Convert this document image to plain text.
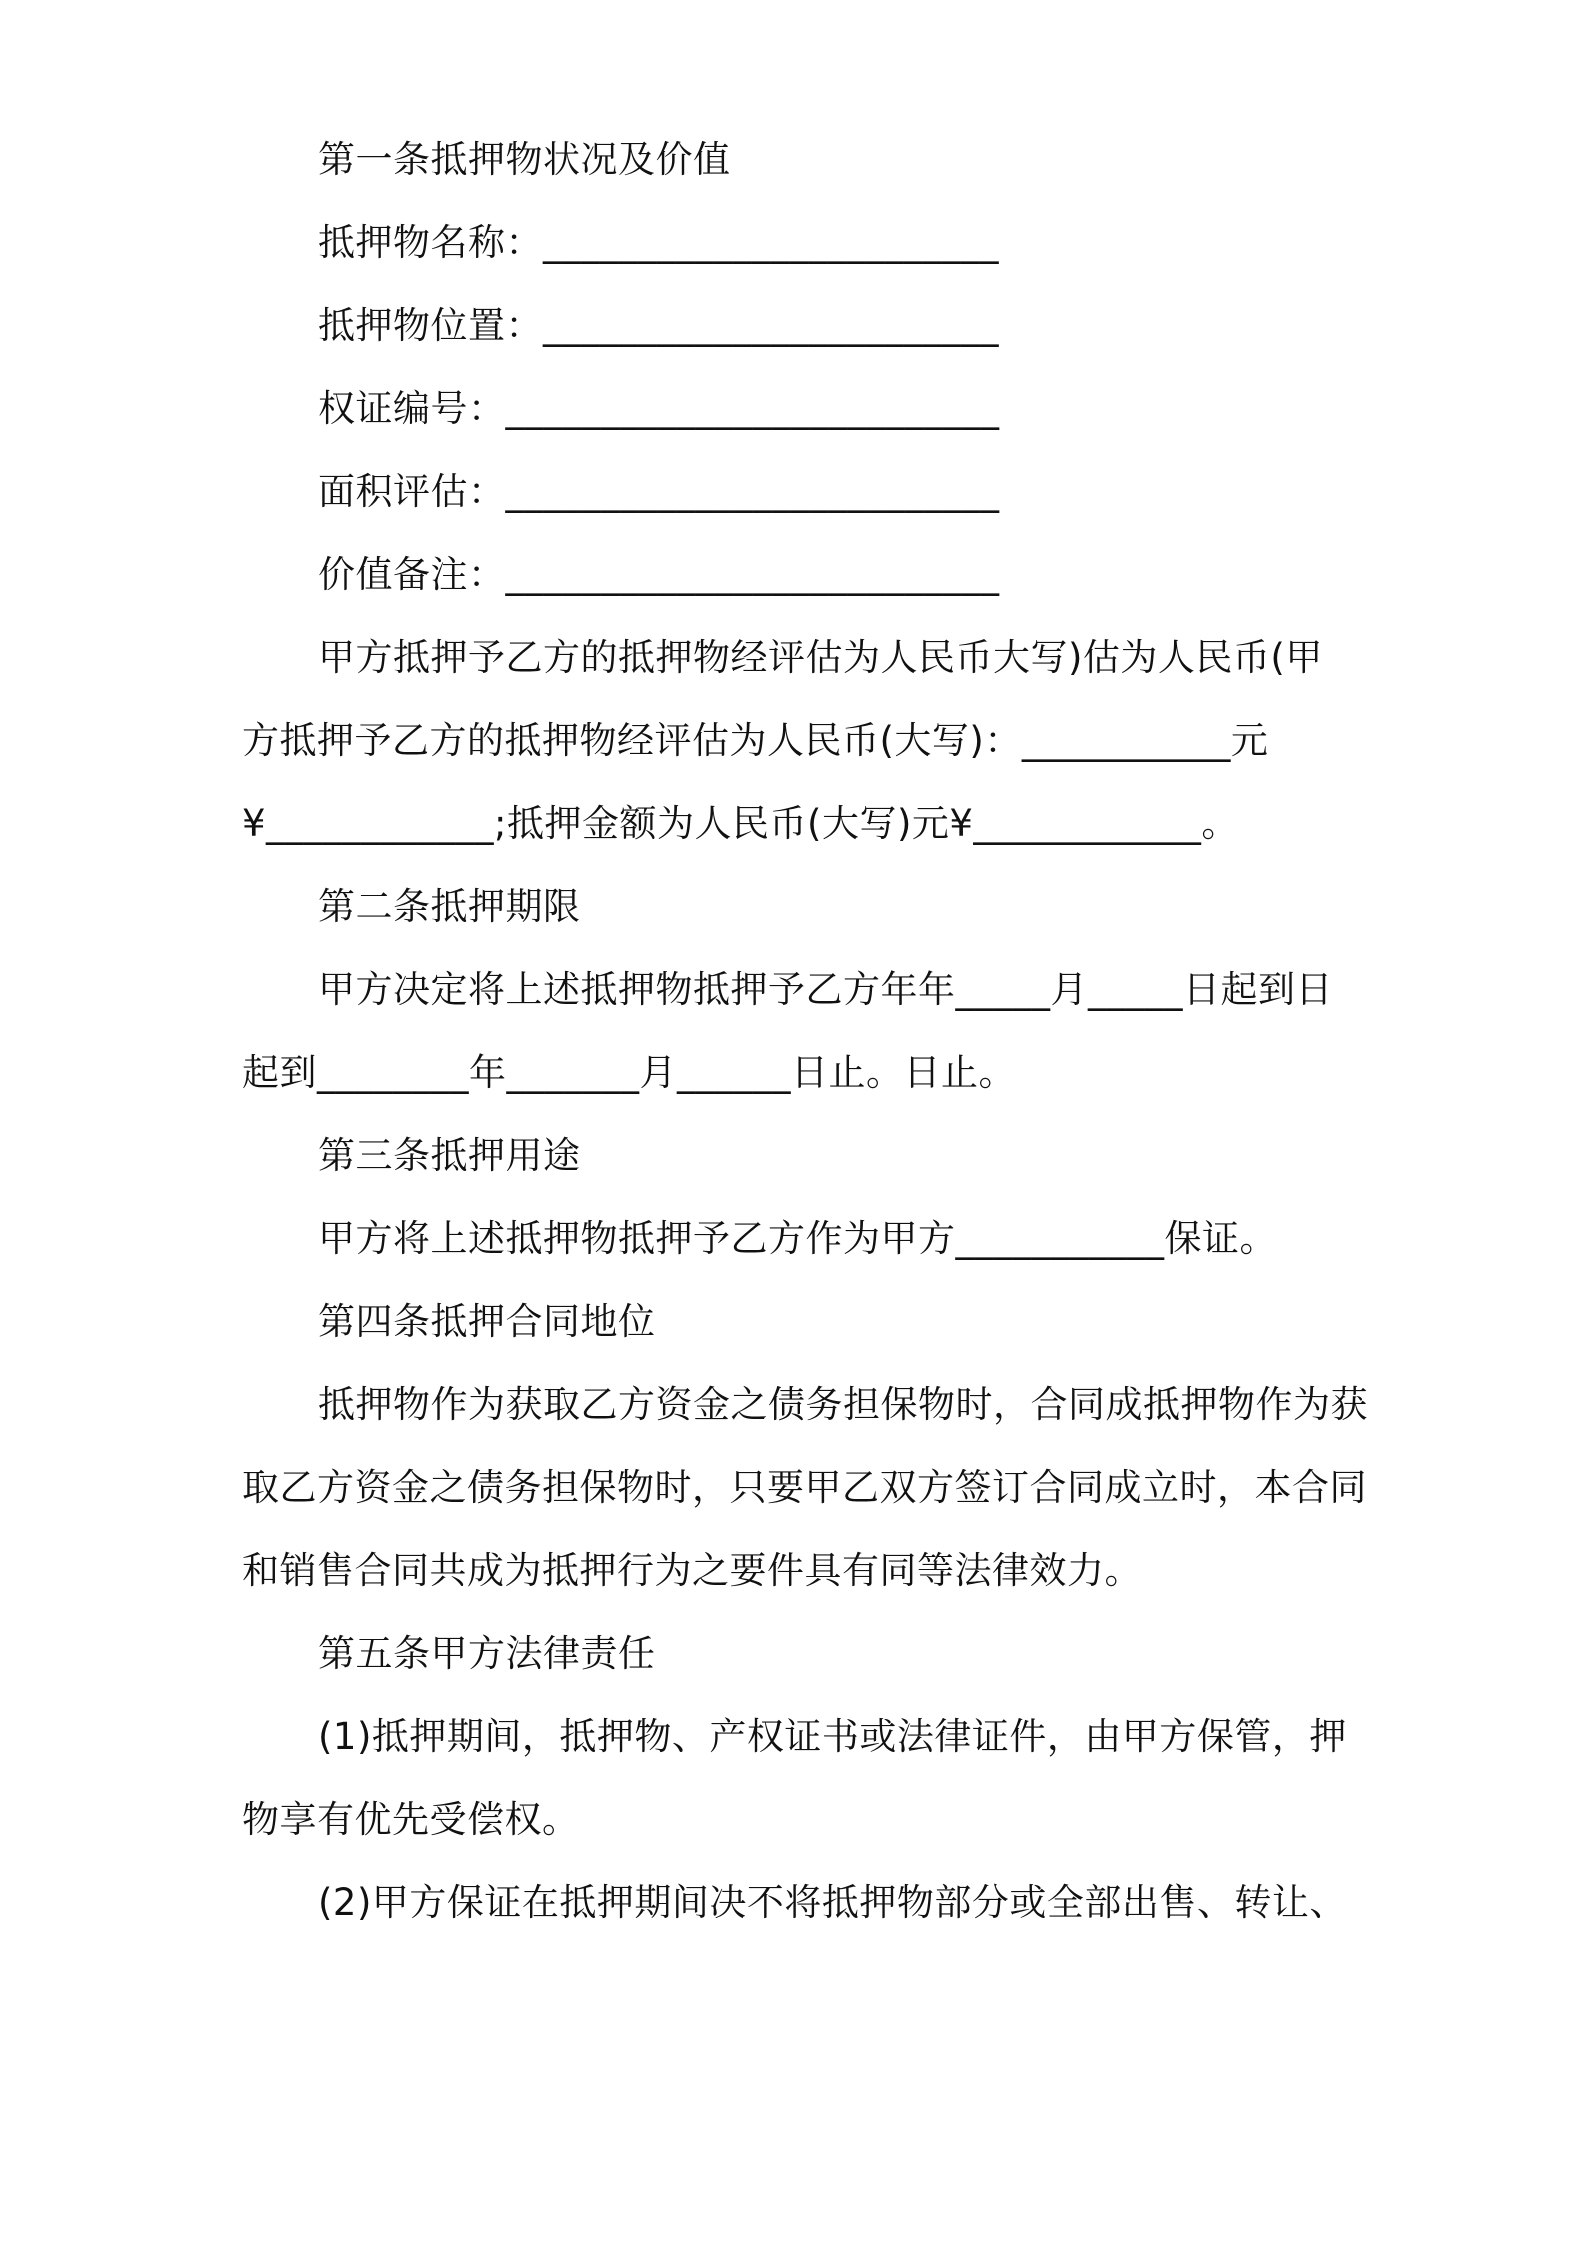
第一条抵押物状况及价值
抵押物名称：________________________
抵押物位置：________________________
权证编号：__________________________
面积评估：__________________________
价值备注：__________________________
甲方抵押予乙方的抵押物经评估为人民币大写)估为人民币(甲
方抵押予乙方的抵押物经评估为人民币(大写)：___________元
¥____________;抵押金额为人民币(大写)元¥____________。
第二条抵押期限
甲方决定将上述抵押物抵押予乙方年年_____月_____日起到日
起到________年_______月______日止。日止。
第三条抵押用途
甲方将上述抵押物抵押予乙方作为甲方___________保证。
第四条抵押合同地位
抵押物作为获取乙方资金之债务担保物时，合同成抵押物作为获
取乙方资金之债务担保物时，只要甲乙双方签订合同成立时，本合同
和销售合同共成为抵押行为之要件具有同等法律效力。
第五条甲方法律责任
(1)抵押期间，抵押物、产权证书或法律证件，由甲方保管，押
物享有优先受偿权。
(2)甲方保证在抵押期间决不将抵押物部分或全部出售、转让、
